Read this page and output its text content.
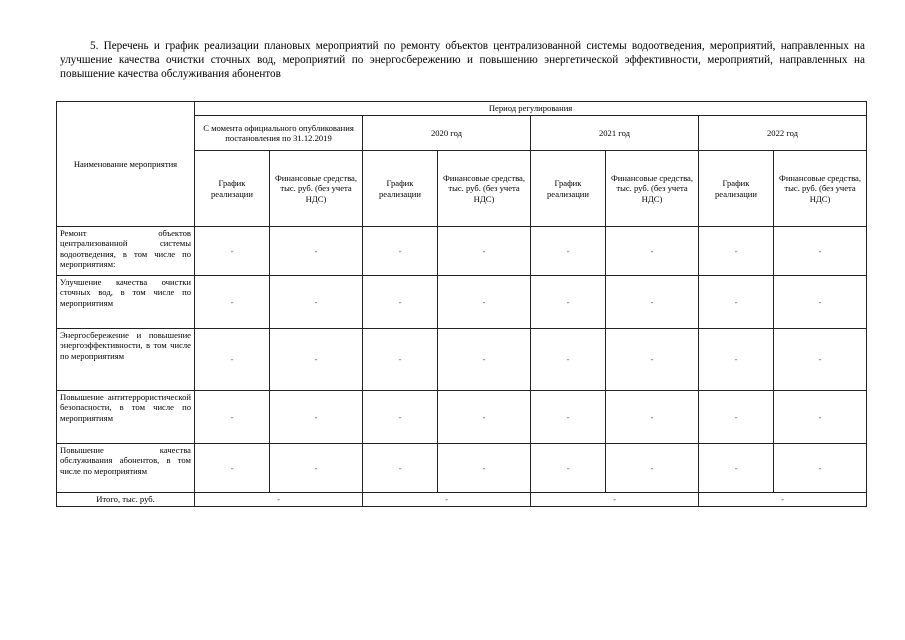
5. Перечень и график реализации плановых мероприятий по ремонту объектов централизованной системы водоотведения, мероприятий, направленных на улучшение качества очистки сточных вод, мероприятий по энергосбережению и повышению энергетической эффективности, мероприятий, направленных на повышение качества обслуживания абонентов
Наименование мероприятия	Период регулирования							
	С момента официального опубликования постановления по 31.12.2019		2020 год		2021 год		2022 год	
	График реализации	Финансовые средства, тыс. руб. (без учета НДС)	График реализации	Финансовые средства, тыс. руб. (без учета НДС)	График реализации	Финансовые средства, тыс. руб. (без учета НДС)	График реализации	Финансовые средства, тыс. руб. (без учета НДС)
Ремонт объектов централизованной системы водоотведения, в том числе по мероприятиям:	-	-	-	-	-	-	-	-
Улучшение качества очистки сточных вод, в том числе по мероприятиям	-	-	-	-	-	-	-	-
Энергосбережение и повышение энергоэффективности, в том числе по мероприятиям	-	-	-	-	-	-	-	-
Повышение антитеррористической безопасности, в том числе по мероприятиям	-	-	-	-	-	-	-	-
Повышение качества обслуживания абонентов, в том числе по мероприятиям	-	-	-	-	-	-	-	-
Итого, тыс. руб.	-		-		-		-	
